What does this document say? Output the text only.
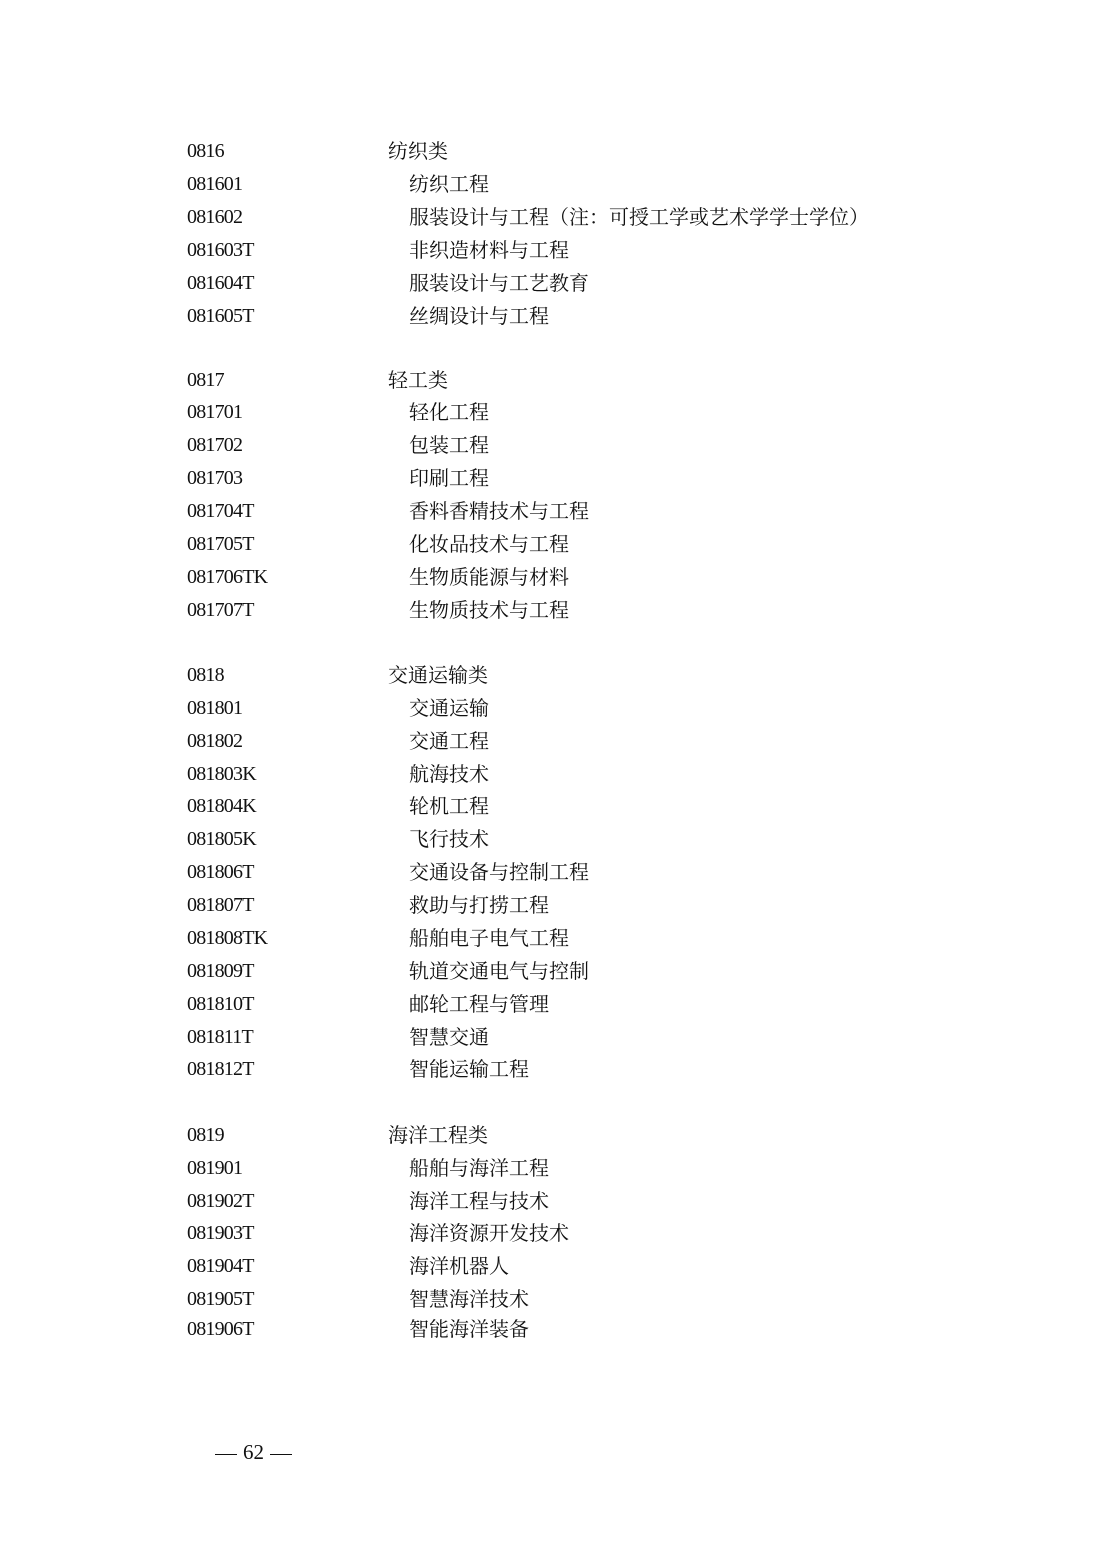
0816	纺织类
081601	纺织工程
081602	服装设计与工程（注：可授工学或艺术学学士学位）
081603T	非织造材料与工程
081604T	服装设计与工艺教育
081605T	丝绸设计与工程
0817	轻工类
081701	轻化工程
081702	包装工程
081703	印刷工程
081704T	香料香精技术与工程
081705T	化妆品技术与工程
081706TK	生物质能源与材料
081707T	生物质技术与工程
0818	交通运输类
081801	交通运输
081802	交通工程
081803K	航海技术
081804K	轮机工程
081805K	飞行技术
081806T	交通设备与控制工程
081807T	救助与打捞工程
081808TK	船舶电子电气工程
081809T	轨道交通电气与控制
081810T	邮轮工程与管理
081811T	智慧交通
081812T	智能运输工程
0819	海洋工程类
081901	船舶与海洋工程
081902T	海洋工程与技术
081903T	海洋资源开发技术
081904T	海洋机器人
081905T	智慧海洋技术
081906T	智能海洋装备
62
